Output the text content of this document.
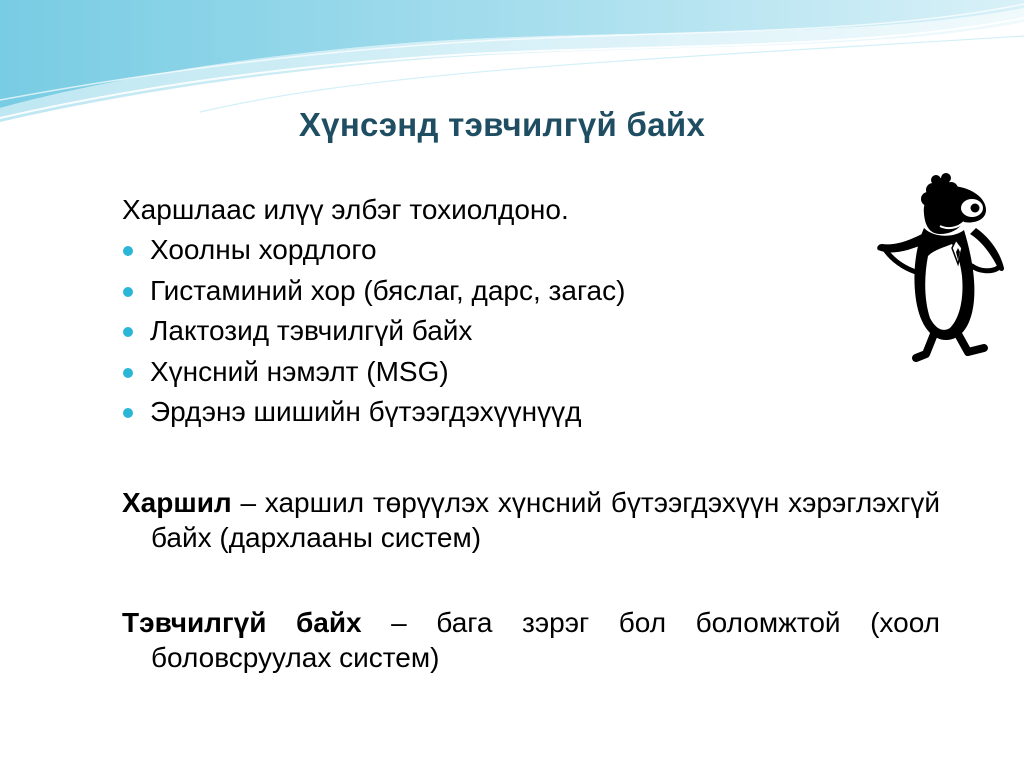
Хүнсэнд тэвчилгүй байх

Харшлаас илүү элбэг тохиолдоно.

Хоолны хордлого
Гистаминий хор (бяслаг, дарс, загас)
Лактозид тэвчилгүй байх
Хүнсний нэмэлт (MSG)
Эрдэнэ шишийн бүтээгдэхүүнүүд

Харшил – харшил төрүүлэх хүнсний бүтээгдэхүүн хэрэглэхгүй байх (дархлааны систем)

Тэвчилгүй байх – бага зэрэг бол боломжтой (хоол боловсруулах систем)
